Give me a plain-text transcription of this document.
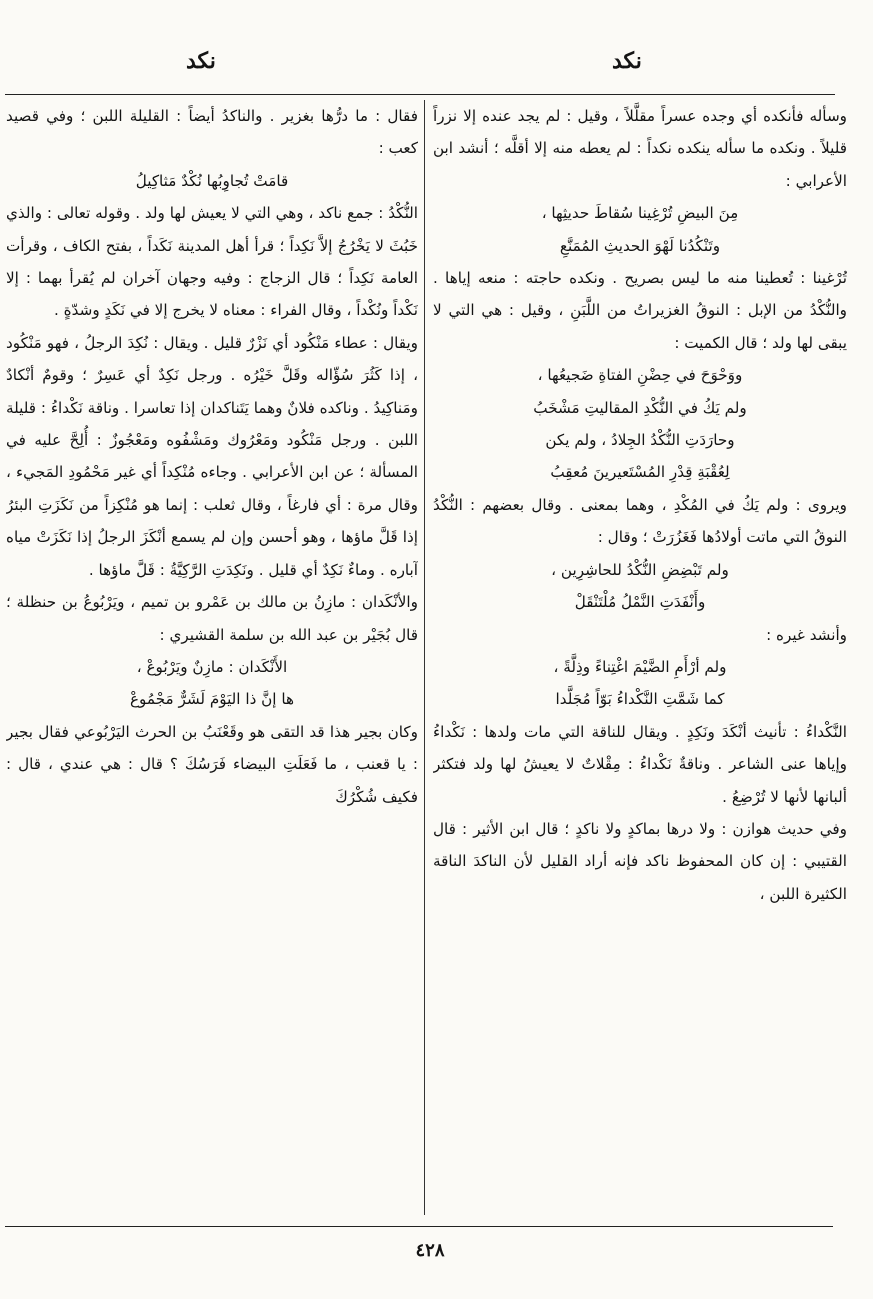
نكد
نكد

وسأله فأنكده أي وجده عسراً مقلَّلاً ، وقيل : لم يجد عنده إلا نزراً قليلاً . ونكده ما سأله ينكده نكداً : لم يعطه منه إلا أقلَّه ؛ أنشد ابن الأعرابي :

مِنَ البيضِ تُرْغِينا سُقاطَ حديثِها ،

وتَنْكُدُنا لَهْوَ الحديثِ المُمَنَّعِ

تُرْغينا : تُعطينا منه ما ليس بصريح . ونكده حاجته : منعه إياها . والنُّكْدُ من الإبل : النوقُ الغزيراتُ من اللَّبَنِ ، وقيل : هي التي لا يبقى لها ولد ؛ قال الكميت :

ووَحْوَحَ في حِضْنِ الفتاةِ ضَجيعُها ،

ولم يَكُ في النُّكْدِ المقاليتِ مَشْخَبُ

وحارَدَتِ النُّكْدُ الجِلادُ ، ولم يكن

لِعُقْبَةِ قِدْرِ المُسْتَعيرينَ مُعقِبُ

ويروى : ولم يَكُ في المُكْدِ ، وهما بمعنى . وقال بعضهم : النُّكْدُ النوقُ التي ماتت أولادُها فَغَزُرَتْ ؛ وقال :

ولم تَبْضِضِ النُّكْدُ للحاشِرِين ،

وأَنْفَدَتِ النَّمْلُ مُلْتَنْقَلْ

وأنشد غيره :

ولم أرْأَمِ الضَّيْمَ اغْتِناءً وذِلَّةً ،

كما شَمَّتِ النَّكْداءُ بَوّاً مُجَلَّدا

النَّكْداءُ : تأنيث أنْكَدَ ونَكِدٍ . ويقال للناقة التي مات ولدها : نَكْداءُ وإياها عنى الشاعر . وناقةٌ نَكْداءُ : مِقْلاتٌ لا يعيشُ لها ولد فتكثر ألبانها لأنها لا تُرْضِعُ .

وفي حديث هوازن : ولا درها بماكدٍ ولا ناكدٍ ؛ قال ابن الأثير : قال القتيبي : إن كان المحفوظ ناكد فإنه أراد القليل لأن الناكدَ الناقة الكثيرة اللبن ،

فقال : ما درُّها بغزير . والناكدُ أيضاً : القليلة اللبن ؛ وفي قصيد كعب :

قامَتْ تُجاوِبُها نُكْدٌ مَثاكِيلُ

النُّكْدُ : جمع ناكد ، وهي التي لا يعيش لها ولد . وقوله تعالى : والذي خَبُثَ لا يَخْرُجُ إلاَّ نَكِداً ؛ قرأ أهل المدينة نَكَداً ، بفتح الكاف ، وقرأت العامة نَكِداً ؛ قال الزجاج : وفيه وجهان آخران لم يُقرأ بهما : إلا نَكْداً ونُكْداً ، وقال الفراء : معناه لا يخرج إلا في نَكَدٍ وشدّةٍ .

ويقال : عطاء مَنْكُود أي نَزْرٌ قليل . ويقال : نُكِدَ الرجلُ ، فهو مَنْكُود ، إذا كَثُرَ سُؤّاله وقَلَّ خَيْرُه . ورجل نَكِدٌ أي عَسِرٌ ؛ وقومٌ أنْكادٌ ومَناكِيدُ . وناكده فلانٌ وهما يَتَناكدان إذا تعاسرا . وناقة نَكْداءُ : قليلة اللبن . ورجل مَنْكُود ومَعْرُوك ومَشْفُوه ومَعْجُوزٌ : أُلِحَّ عليه في المسألة ؛ عن ابن الأعرابي . وجاءه مُنْكِداً أي غير مَحْمُودِ المَجيء ، وقال مرة : أي فارغاً ، وقال ثعلب : إنما هو مُنْكِزاً من نَكَزَتِ البئرُ إذا قَلَّ ماؤها ، وهو أحسن وإن لم يسمع أنْكَزَ الرجلُ إذا نَكَزَتْ مياه آباره . وماءٌ نَكِدٌ أي قليل . ونَكِدَتِ الرَّكِيَّةُ : قَلَّ ماؤها .

والأنْكَدان : مازِنُ بن مالك بن عَمْرو بن تميم ، ويَرْبُوعُ بن حنظلة ؛ قال بُجَيْر بن عبد الله بن سلمة القشيري :

الأَنْكَدان : مازِنٌ ويَرْبُوعْ ،

ها إنَّ ذا اليَوْمَ لَشَرٌّ مَجْمُوعْ

وكان بجير هذا قد التقى هو وقَعْنَبُ بن الحرث اليَرْبُوعي فقال بجير : يا قعنب ، ما فَعَلَتِ البيضاء فَرَسُكَ ؟ قال : هي عندي ، قال : فكيف شُكْرُكَ

٤٢٨
